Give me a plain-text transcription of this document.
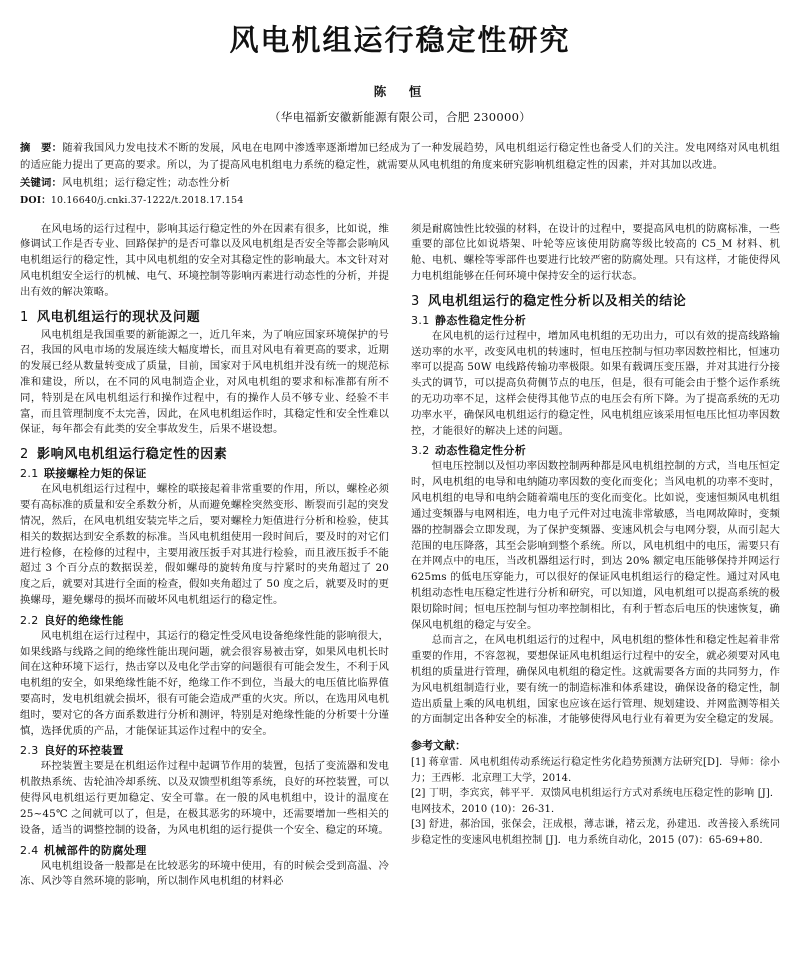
风电机组运行稳定性研究
陈　恒
（华电福新安徽新能源有限公司，合肥 230000）
摘　要：随着我国风力发电技术不断的发展，风电在电网中渗透率逐渐增加已经成为了一种发展趋势，风电机组运行稳定性也备受人们的关注。发电网络对风电机组的适应能力提出了更高的要求。所以，为了提高风电机组电力系统的稳定性，就需要从风电机组的角度来研究影响机组稳定性的因素，并对其加以改进。
关键词：风电机组；运行稳定性；动态性分析
DOI：10.16640/j.cnki.37-1222/t.2018.17.154

在风电场的运行过程中，影响其运行稳定性的外在因素有很多，比如说，维修调试工作是否专业、回路保护的是否可靠以及风电机组是否安全等都会影响风电机组运行的稳定性，其中风电机组的安全对其稳定性的影响最大。本文针对对风电机组安全运行的机械、电气、环境控制等影响丙素进行动态性的分析，并提出有效的解决策略。

1 风电机组运行的现状及问题

风电机组是我国重要的新能源之一，近几年来，为了响应国家环境保护的号召，我国的风电市场的发展连续大幅度增长，而且对风电有着更高的要求，近期的发展已经从数量转变成了质量，目前，国家对于风电机组并没有统一的规范标准和建设，所以，在不同的风电制造企业，对风电机组的要求和标准都有所不同，特别是在风电机组运行和操作过程中，有的操作人员不够专业、经验不丰富，而且管理制度不太完善，因此，在风电机组运作时，其稳定性和安全性难以保证，每年都会有此类的安全事故发生，后果不堪设想。

2 影响风电机组运行稳定性的因素
2.1 联接螺栓力矩的保证

在风电机组运行过程中，螺栓的联接起着非常重要的作用，所以，螺栓必须要有高标准的质量和安全系数分析，从而避免螺栓突然变形、断裂而引起的突发情况，然后，在风电机组安装完毕之后，要对螺栓力矩值进行分析和检验，使其相关的数据达到安全系数的标准。当风电机组使用一段时间后，要及时的对它们进行检修，在检修的过程中，主要用液压扳手对其进行检验，而且液压扳手不能超过 3 个百分点的数据误差，假如螺母的旋转角度与拧紧时的夹角超过了 20 度之后，就要对其进行全面的检查，假如夹角超过了 50 度之后，就要及时的更换螺母，避免螺母的损坏而破坏风电机组运行的稳定性。

2.2 良好的绝缘性能

风电机组在运行过程中，其运行的稳定性受风电设备绝缘性能的影响很大，如果线路与线路之间的绝缘性能出现问题，就会很容易被击穿，如果风电机长时间在这种环境下运行，热击穿以及电化学击穿的问题很有可能会发生，不利于风电机组的安全，如果绝缘性能不好，绝缘工作不到位，当最大的电压值比临界值要高时，发电机组就会损坏，很有可能会造成严重的火灾。所以，在选用风电机组时，要对它的各方面系数进行分析和测评，特别是对绝缘性能的分析要十分谨慎，选择优质的产品，才能保证其运作过程中的安全。

2.3 良好的环控装置

环控装置主要是在机组运作过程中起调节作用的装置，包括了变流器和发电机散热系统、齿轮油冷却系统、以及双馈型机组等系统，良好的环控装置，可以使得风电机组运行更加稳定、安全可靠。在一般的风电机组中，设计的温度在 25~45℃ 之间就可以了，但是，在极其恶劣的环境中，还需要增加一些相关的设备，适当的调整控制的设备，为风电机组的运行提供一个安全、稳定的环境。

2.4 机械部件的防腐处理

风电机组设备一般都是在比较恶劣的环境中使用，有的时候会受到高温、冷冻、风沙等自然环境的影响，所以制作风电机组的材料必

须是耐腐蚀性比较强的材料，在设计的过程中，要提高风电机的防腐标准，一些重要的部位比如说塔架、叶轮等应该使用防腐等级比较高的 C5_M 材料、机舱、电机、螺栓等零部件也要进行比较严密的防腐处理。只有这样，才能使得风力电机组能够在任何环境中保持安全的运行状态。

3 风电机组运行的稳定性分析以及相关的结论
3.1 静态性稳定性分析

在风电机的运行过程中，增加风电机组的无功出力，可以有效的提高线路输送功率的水平，改变风电机的转速时，恒电压控制与恒功率因数控相比，恒速功率可以提高 50W 电线路传输功率极限。如果有载调压变压器，并对其进行分接头式的调节，可以提高负荷侧节点的电压，但是，很有可能会由于整个运作系统的无功功率不足，这样会使得其他节点的电压会有所下降。为了提高系统的无功功率水平，确保风电机组运行的稳定性，风电机组应该采用恒电压比恒功率因数控，才能很好的解决上述的问题。

3.2 动态性稳定性分析

恒电压控制以及恒功率因数控制两种都是风电机组控制的方式，当电压恒定时，风电机组的电导和电纳随功率因数的变化而变化；当风电机的功率不变时，风电机组的电导和电纳会随着端电压的变化而变化。比如说，变速恒频风电机组通过变频器与电网相连，电力电子元件对过电流非常敏感，当电网故障时，变频器的控制器会立即发现，为了保护变频器、变速风机会与电网分裂，从而引起大范围的电压降落，其至会影响到整个系统。所以，风电机组中的电压，需要只有在并网点中的电压，当改机器组运行时，到达 20% 额定电压能够保持并网运行 625ms 的低电压穿能力，可以很好的保证风电机组运行的稳定性。通过对风电机组动态性电压稳定性进行分析和研究，可以知道，风电机组可以提高系统的极限切除时间；恒电压控制与恒功率控制相比，有利于暂态后电压的快速恢复，确保风电机组的稳定与安全。

总而言之，在风电机组运行的过程中，风电机组的整体性和稳定性起着非常重要的作用，不容忽视，要想保证风电机组运行过程中的安全，就必须要对风电机组的质量进行管理，确保风电机组的稳定性。这就需要各方面的共同努力，作为风电机组制造行业，要有统一的制造标准和体系建设，确保设备的稳定性，制造出质量上乘的风电机组，国家也应该在运行管理、规划建设、并网监测等相关的方面制定出各种安全的标准，才能够使得风电行业有着更为安全稳定的发展。

参考文献：

[1] 蒋章雷．风电机组传动系统运行稳定性劣化趋势预测方法研究[D]．导师：徐小力；王西彬．北京理工大学，2014．

[2] 丁明，李宾宾，韩平平．双馈风电机组运行方式对系统电压稳定性的影响 [J]．电网技术，2010 (10)：26-31．

[3] 舒进，郝治国，张保会，汪成根，薄志谦，褚云龙，孙建迅．改善接入系统同步稳定性的变速风电机组控制 [J]．电力系统自动化，2015 (07)：65-69+80．
